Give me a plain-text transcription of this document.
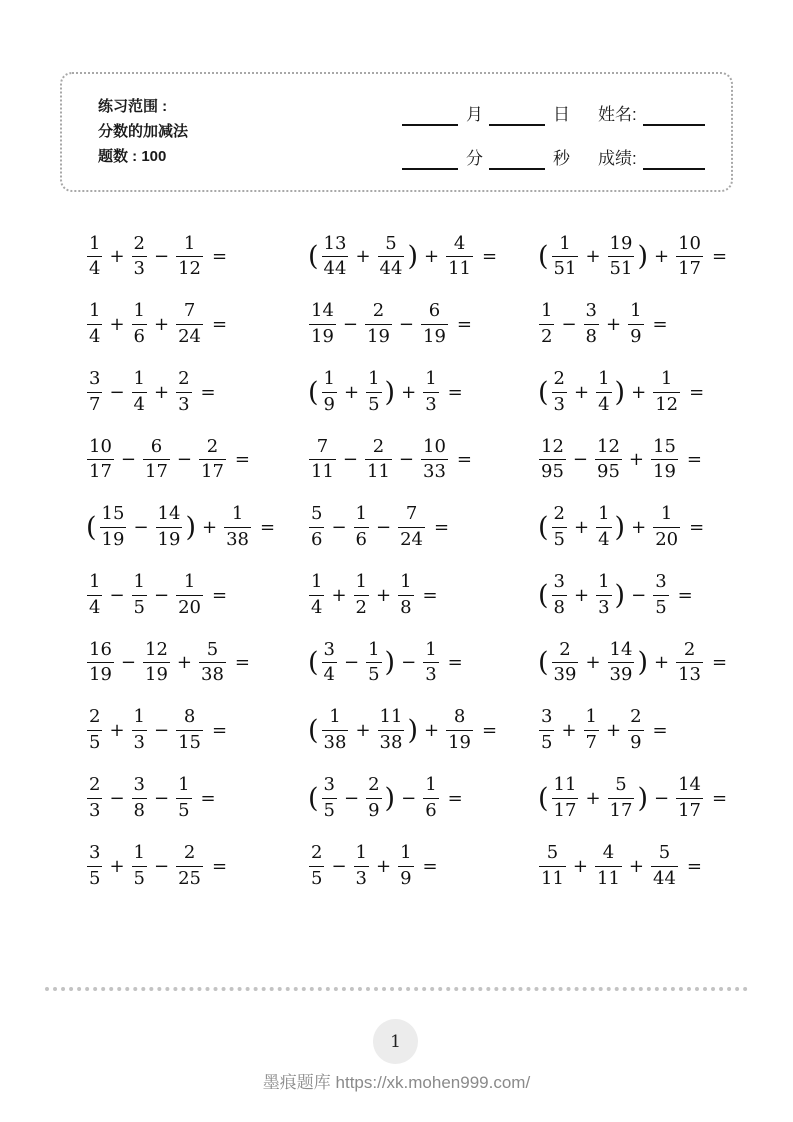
练习范围 :
分数的加减法
题数 : 100
月	日 姓名:
分	秒 成绩:
$\frac{1}{4} + \frac{2}{3} - \frac{1}{12}$ =	( $\frac{13}{44} + \frac{5}{44}$ ) + $\frac{4}{11}$ =	( $\frac{1}{51} + \frac{19}{51}$ ) + $\frac{10}{17}$ =
$\frac{1}{4} + \frac{1}{6} + \frac{7}{24}$ =	$\frac{14}{19} - \frac{2}{19} - \frac{6}{19}$ =	$\frac{1}{2} - \frac{3}{8} + \frac{1}{9}$ =
$\frac{3}{7} - \frac{1}{4} + \frac{2}{3}$ =	( $\frac{1}{9} + \frac{1}{5}$ ) + $\frac{1}{3}$ =	( $\frac{2}{3} + \frac{1}{4}$ ) + $\frac{1}{12}$ =
$\frac{10}{17} - \frac{6}{17} - \frac{2}{17}$ =	$\frac{7}{11} - \frac{2}{11} - \frac{10}{33}$ =	$\frac{12}{95} - \frac{12}{95} + \frac{15}{19}$ =
( $\frac{15}{19} - \frac{14}{19}$ ) + $\frac{1}{38}$ =	$\frac{5}{6} - \frac{1}{6} - \frac{7}{24}$ =	( $\frac{2}{5} + \frac{1}{4}$ ) + $\frac{1}{20}$ =
$\frac{1}{4} - \frac{1}{5} - \frac{1}{20}$ =	$\frac{1}{4} + \frac{1}{2} + \frac{1}{8}$ =	( $\frac{3}{8} + \frac{1}{3}$ ) − $\frac{3}{5}$ =
$\frac{16}{19} - \frac{12}{19} + \frac{5}{38}$ =	( $\frac{3}{4} - \frac{1}{5}$ ) − $\frac{1}{3}$ =	( $\frac{2}{39} + \frac{14}{39}$ ) + $\frac{2}{13}$ =
$\frac{2}{5} + \frac{1}{3} - \frac{8}{15}$ =	( $\frac{1}{38} + \frac{11}{38}$ ) + $\frac{8}{19}$ =	$\frac{3}{5} + \frac{1}{7} + \frac{2}{9}$ =
$\frac{2}{3} - \frac{3}{8} - \frac{1}{5}$ =	( $\frac{3}{5} - \frac{2}{9}$ ) − $\frac{1}{6}$ =	( $\frac{11}{17} + \frac{5}{17}$ ) − $\frac{14}{17}$ =
$\frac{3}{5} + \frac{1}{5} - \frac{2}{25}$ =	$\frac{2}{5} - \frac{1}{3} + \frac{1}{9}$ =	$\frac{5}{11} + \frac{4}{11} + \frac{5}{44}$ =
1
墨痕题库 https://xk.mohen999.com/
